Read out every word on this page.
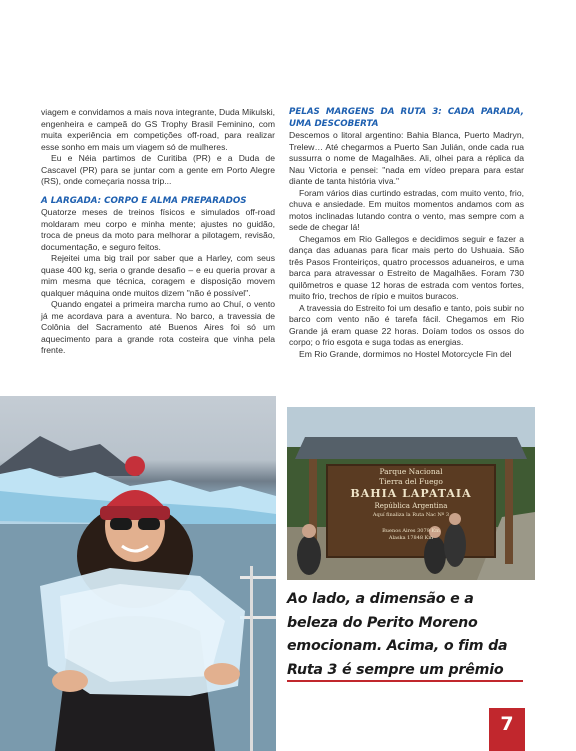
viagem e convidamos a mais nova integrante, Duda Mikulski, engenheira e campeã do GS Trophy Brasil Feminino, com muita experiência em competições off-road, para realizar esse sonho em mais um viagem só de mulheres.

Eu e Néia partimos de Curitiba (PR) e a Duda de Cascavel (PR) para se juntar com a gente em Porto Alegre (RS), onde começaria nossa trip...

A LARGADA: CORPO E ALMA PREPARADOS

Quatorze meses de treinos físicos e simulados off-road moldaram meu corpo e minha mente; ajustes no guidão, troca de pneus da moto para melhorar a pilotagem, revisão, documentação, e seguro feitos.

Rejeitei uma big trail por saber que a Harley, com seus quase 400 kg, seria o grande desafio – e eu queria provar a mim mesma que técnica, coragem e disposição movem qualquer máquina onde muitos dizem "não é possível".

Quando engatei a primeira marcha rumo ao Chuí, o vento já me acordava para a aventura. No barco, a travessia de Colônia del Sacramento até Buenos Aires foi só um aquecimento para a grande rota costeira que vinha pela frente.

PELAS MARGENS DA RUTA 3: CADA PARADA, UMA DESCOBERTA

Descemos o litoral argentino: Bahia Blanca, Puerto Madryn, Trelew… Até chegarmos a Puerto San Julián, onde cada rua sussurra o nome de Magalhães. Ali, olhei para a réplica da Nau Victoria e pensei: "nada em vídeo prepara para estar diante de tanta história viva."

Foram vários dias curtindo estradas, com muito vento, frio, chuva e ansiedade. Em muitos momentos andamos com as motos inclinadas lutando contra o vento, mas sempre com a sede de chegar lá!

Chegamos em Rio Gallegos e decidimos seguir e fazer a dança das aduanas para ficar mais perto do Ushuaia. São três Pasos Fronteiriços, quatro processos aduaneiros, e uma barca para atravessar o Estreito de Magalhães. Foram 730 quilômetros e quase 12 horas de estrada com ventos fortes, muito frio, trechos de rípio e muitos buracos.

A travessia do Estreito foi um desafio e tanto, pois subir no barco com vento não é tarefa fácil. Chegamos em Rio Grande já eram quase 22 horas. Doíam todos os ossos do corpo; o frio esgota e suga todas as energias.

Em Rio Grande, dormimos no Hostel Motorcycle Fin del

Parque Nacional
Tierra del Fuego
BAHIA LAPATAIA
República Argentina
Aquí finaliza la Ruta Nac Nº 3
Buenos Aires 3079 Km
Alaska 17848 Km
Ao lado, a dimensão e a beleza do Perito Moreno emocionam. Acima, o fim da Ruta 3 é sempre um prêmio
7
